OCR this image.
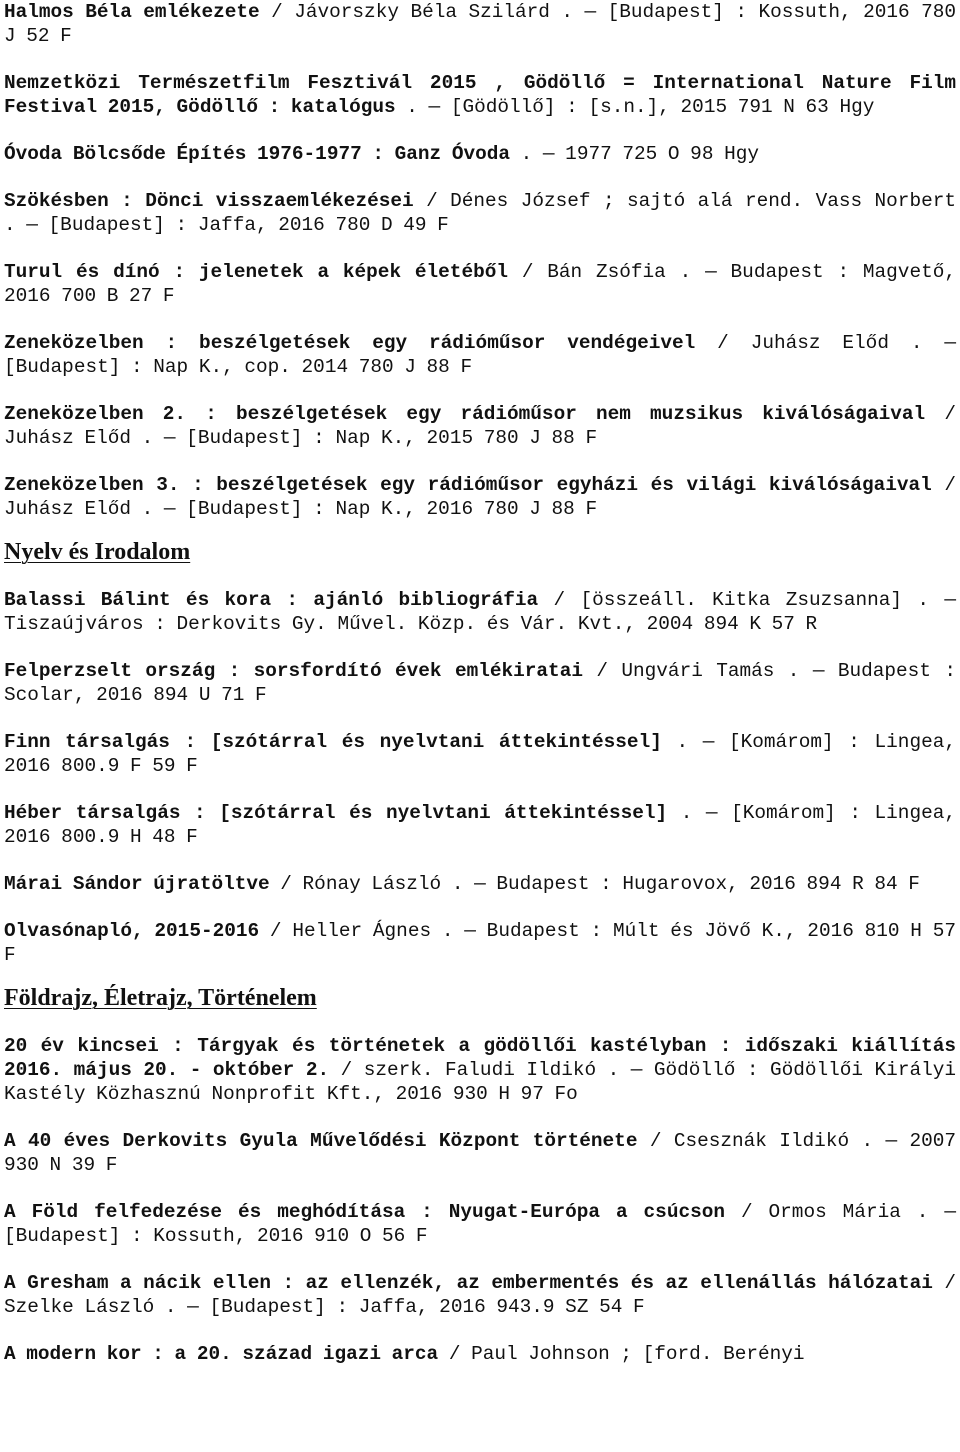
Halmos Béla emlékezete / Jávorszky Béla Szilárd . — [Budapest] : Kossuth, 2016 780 J 52 F

Nemzetközi Természetfilm Fesztivál 2015 , Gödöllő = International Nature Film Festival 2015, Gödöllő : katalógus . — [Gödöllő] : [s.n.], 2015 791 N 63 Hgy

Óvoda Bölcsőde Építés 1976-1977 : Ganz Óvoda . — 1977 725 O 98 Hgy

Szökésben : Dönci visszaemlékezései / Dénes József ; sajtó alá rend. Vass Norbert . — [Budapest] : Jaffa, 2016 780 D 49 F

Turul és dínó : jelenetek a képek életéből / Bán Zsófia . — Budapest : Magvető, 2016 700 B 27 F

Zeneközelben : beszélgetések egy rádióműsor vendégeivel / Juhász Előd . — [Budapest] : Nap K., cop. 2014 780 J 88 F

Zeneközelben 2. : beszélgetések egy rádióműsor nem muzsikus kiválóságaival / Juhász Előd . — [Budapest] : Nap K., 2015 780 J 88 F

Zeneközelben 3. : beszélgetések egy rádióműsor egyházi és világi kiválóságaival / Juhász Előd . — [Budapest] : Nap K., 2016 780 J 88 F

Nyelv és Irodalom

Balassi Bálint és kora : ajánló bibliográfia / [összeáll. Kitka Zsuzsanna] . — Tiszaújváros : Derkovits Gy. Művel. Közp. és Vár. Kvt., 2004 894 K 57 R

Felperzselt ország : sorsfordító évek emlékiratai / Ungvári Tamás . — Budapest : Scolar, 2016 894 U 71 F

Finn társalgás : [szótárral és nyelvtani áttekintéssel] . — [Komárom] : Lingea, 2016 800.9 F 59 F

Héber társalgás : [szótárral és nyelvtani áttekintéssel] . — [Komárom] : Lingea, 2016 800.9 H 48 F

Márai Sándor újratöltve / Rónay László . — Budapest : Hugarovox, 2016 894 R 84 F

Olvasónapló, 2015-2016 / Heller Ágnes . — Budapest : Múlt és Jövő K., 2016 810 H 57 F

Földrajz, Életrajz, Történelem

20 év kincsei : Tárgyak és történetek a gödöllői kastélyban : időszaki kiállítás 2016. május 20. - október 2. / szerk. Faludi Ildikó . — Gödöllő : Gödöllői Királyi Kastély Közhasznú Nonprofit Kft., 2016 930 H 97 Fo

A 40 éves Derkovits Gyula Művelődési Központ története / Csesznák Ildikó . — 2007 930 N 39 F

A Föld felfedezése és meghódítása : Nyugat-Európa a csúcson / Ormos Mária . — [Budapest] : Kossuth, 2016 910 O 56 F

A Gresham a nácik ellen : az ellenzék, az embermentés és az ellenállás hálózatai / Szelke László . — [Budapest] : Jaffa, 2016 943.9 SZ 54 F

A modern kor : a 20. század igazi arca / Paul Johnson ; [ford. Berényi
